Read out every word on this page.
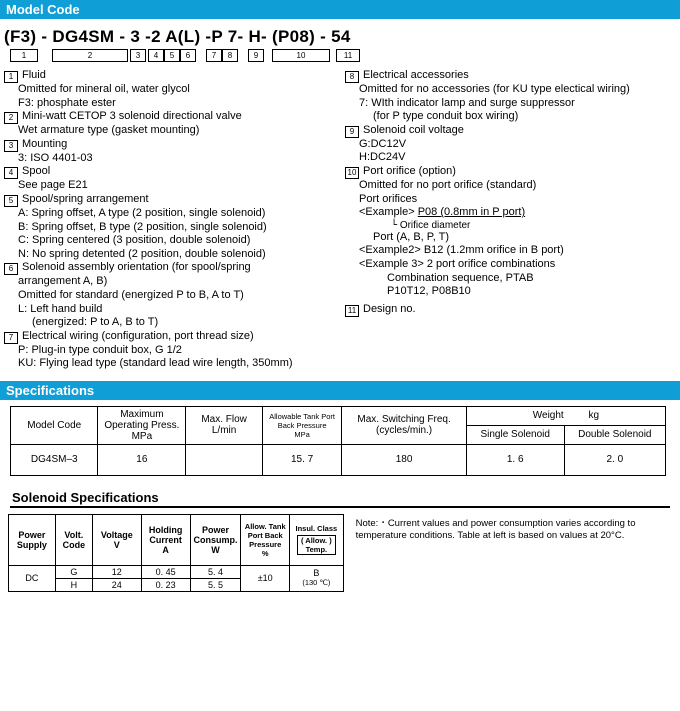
Model Code
(F3) - DG4SM - 3 -2 A(L) -P 7- H- (P08) - 54
1	2	3	4	5	6	7	8	9	10	11
1 Fluid
Omitted for mineral oil, water glycol
F3: phosphate ester
2 Mini-watt CETOP 3 solenoid directional valve
Wet armature type (gasket mounting)
3 Mounting
3: ISO 4401-03
4 Spool
See page E21
5 Spool/spring arrangement
A: Spring offset, A type (2 position, single solenoid)
B: Spring offset, B type (2 position, single solenoid)
C: Spring centered (3 position, double solenoid)
N: No spring detented (2 position, double solenoid)
6 Solenoid assembly orientation (for spool/spring
arrangement A, B)
Omitted for standard (energized P to B, A to T)
L: Left hand build
(energized: P to A, B to T)
7 Electrical wiring (configuration, port thread size)
P: Plug-in type conduit box, G 1/2
KU: Flying lead type (standard lead wire length, 350mm)
8 Electrical accessories
Omitted for no accessories (for KU type electical wiring)
7: WIth indicator lamp and surge suppressor
(for P type conduit box wiring)
9 Solenoid coil voltage
G:DC12V
H:DC24V
10 Port orifice (option)
Omitted for no port orifice (standard)
Port orifices
<Example> P08 (0.8mm in P port)
└ Orifice diameter
Port (A, B, P, T)
<Example2> B12 (1.2mm orifice in B port)
<Example 3> 2 port orifice combinations
Combination sequence, PTAB
P10T12, P08B10
11 Design no.
Specifications
Model Code	
Maximum
Operating Press.
MPa

Max. Flow
L/min

Allowable Tank Port
Back Pressure
MPa

Max. Switching Freq.
(cycles/min.)
	Weight kg
					Single Solenoid	Double Solenoid
DG4SM–3	16		15. 7	180	1. 6	2. 0
Solenoid Specifications
Power
Supply

Volt.
Code

Voltage
V

Holding
Current
A

Power
Consump.
W

Allow. Tank
Port Back
Pressure
%

Insul. Class
( Allow. )
Temp.

DC	G	12	0. 45	5. 4	±10	B
(130 ℃)

	H	24	0. 23	5. 5		
Note:・Current values and power consumption varies according to temperature conditions. Table at left is based on values at 20°C.
